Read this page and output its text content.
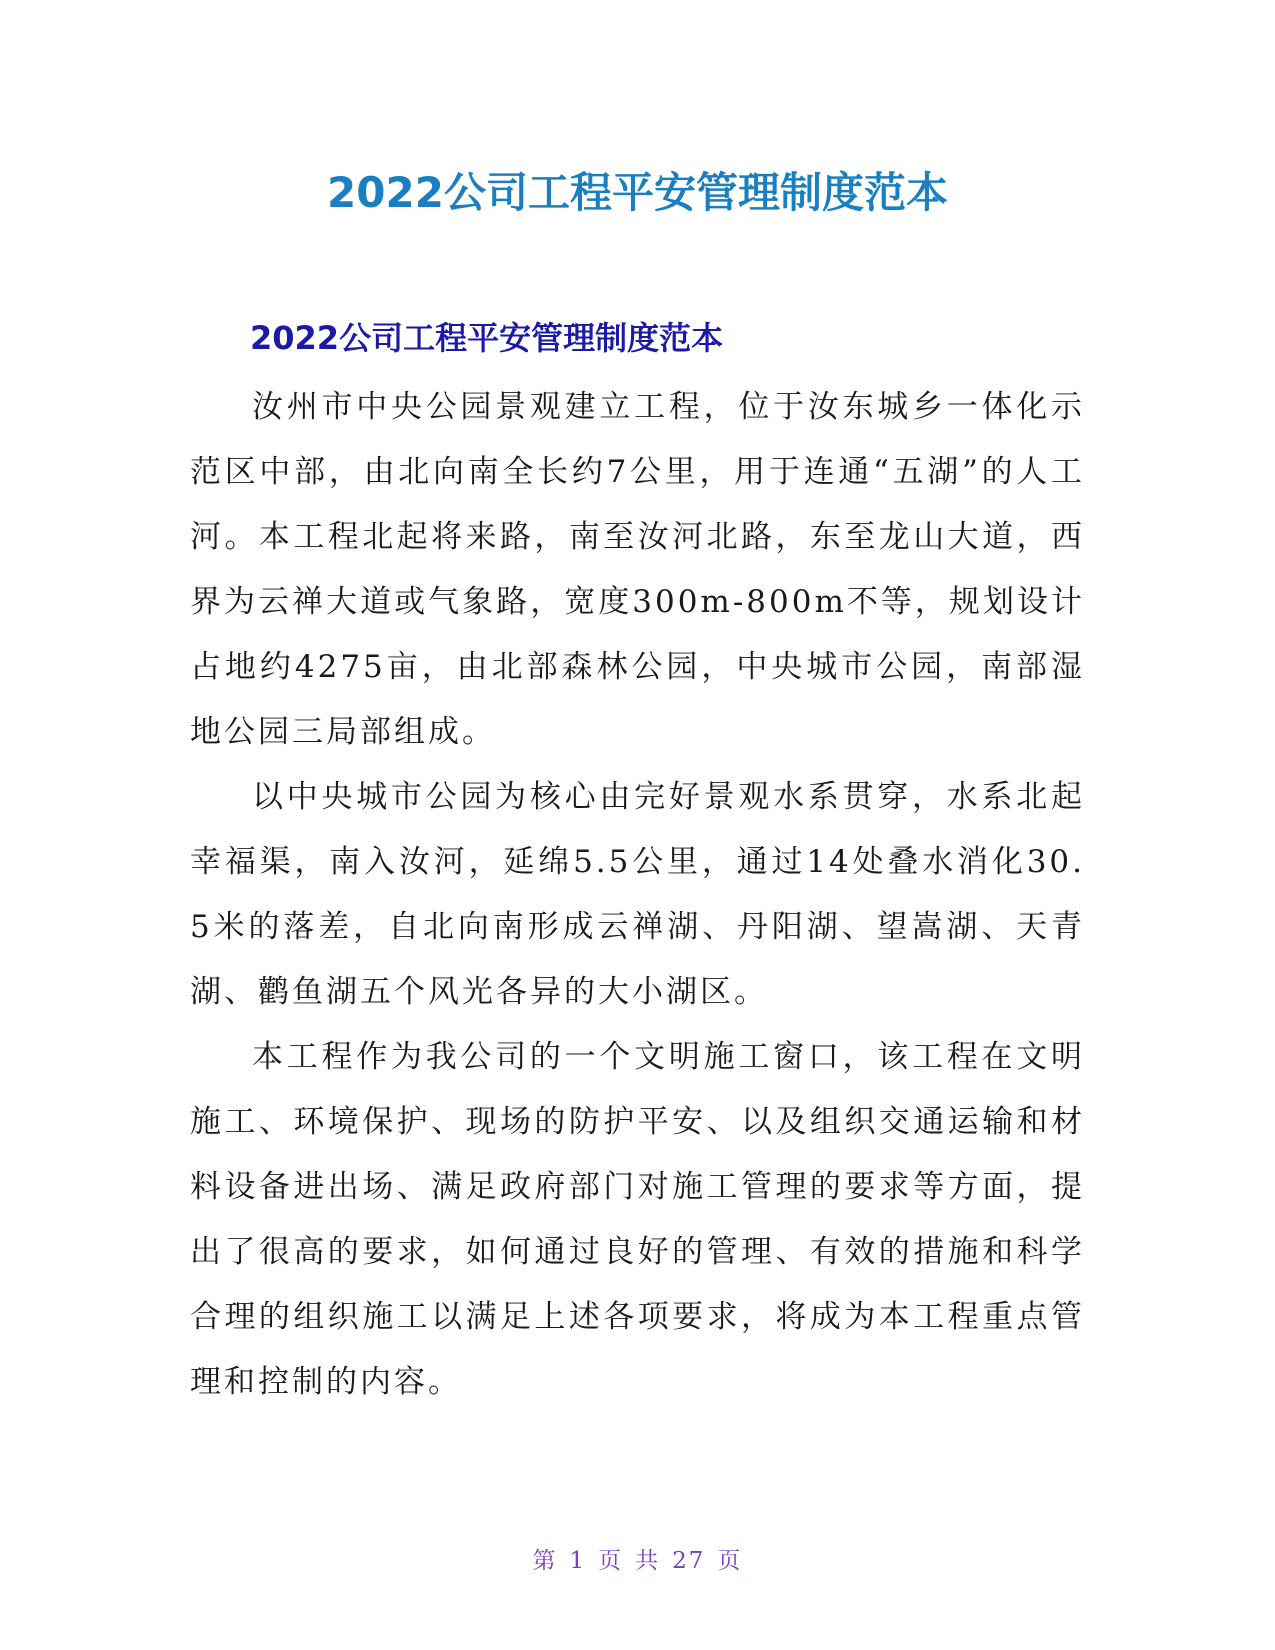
2022公司工程平安管理制度范本
2022公司工程平安管理制度范本

汝州市中央公园景观建立工程，位于汝东城乡一体化示范区中部，由北向南全长约7公里，用于连通“五湖”的人工河。本工程北起将来路，南至汝河北路，东至龙山大道，西界为云禅大道或气象路，宽度300m-800m不等，规划设计占地约4275亩，由北部森林公园，中央城市公园，南部湿地公园三局部组成。

以中央城市公园为核心由完好景观水系贯穿，水系北起幸福渠，南入汝河，延绵5.5公里，通过14处叠水消化30.5米的落差，自北向南形成云禅湖、丹阳湖、望嵩湖、天青湖、鹳鱼湖五个风光各异的大小湖区。

本工程作为我公司的一个文明施工窗口，该工程在文明施工、环境保护、现场的防护平安、以及组织交通运输和材料设备进出场、满足政府部门对施工管理的要求等方面，提出了很高的要求，如何通过良好的管理、有效的措施和科学合理的组织施工以满足上述各项要求，将成为本工程重点管理和控制的内容。

第 1 页 共 27 页
